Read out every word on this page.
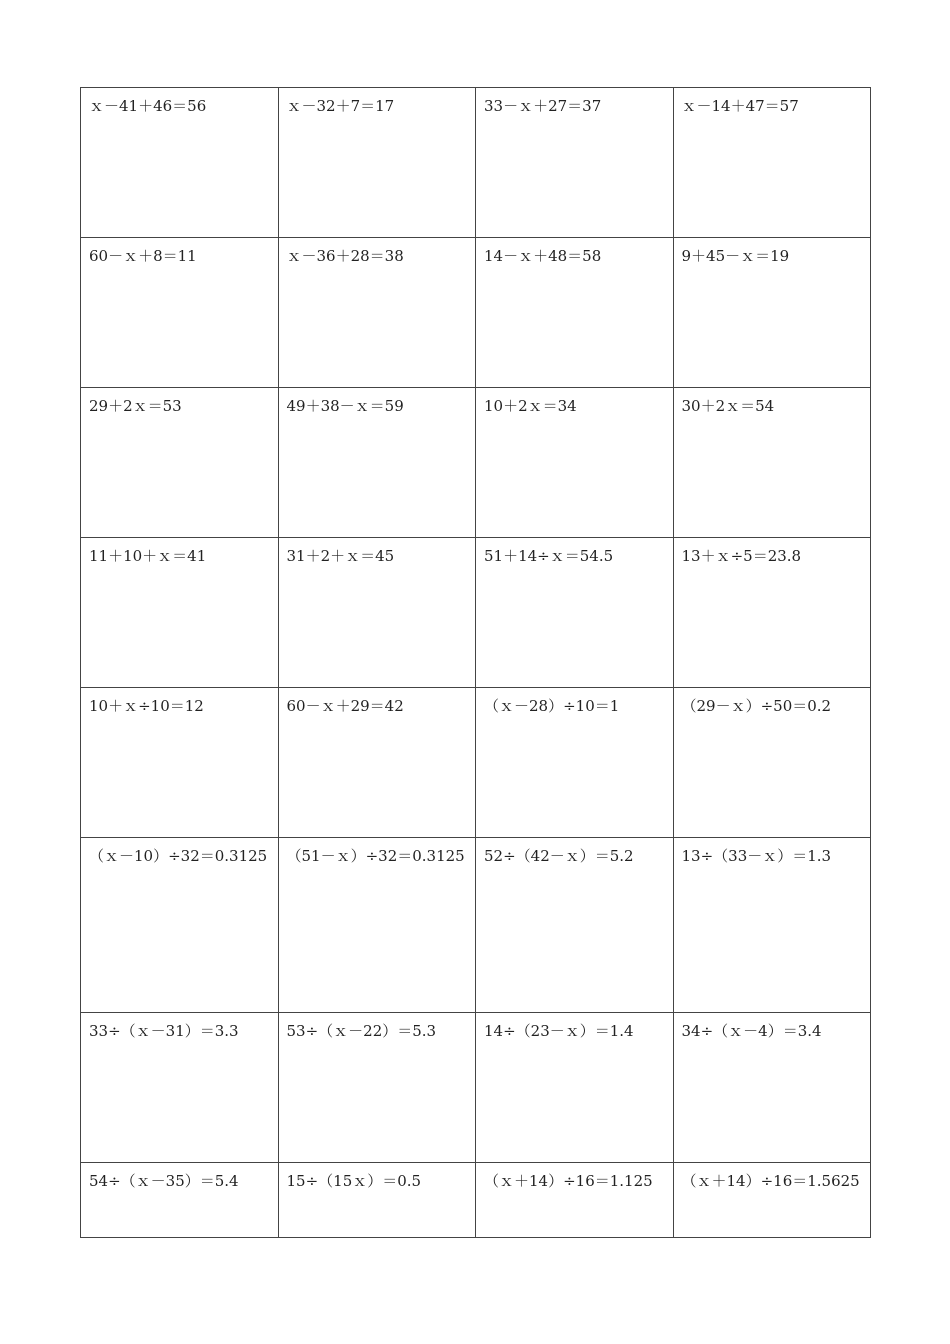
ｘ－41＋46＝56	ｘ－32＋7＝17	33－ｘ＋27＝37	ｘ－14＋47＝57
60－ｘ＋8＝11	ｘ－36＋28＝38	14－ｘ＋48＝58	9＋45－ｘ＝19
29＋2ｘ＝53	49＋38－ｘ＝59	10＋2ｘ＝34	30＋2ｘ＝54
11＋10＋ｘ＝41	31＋2＋ｘ＝45	51＋14÷ｘ＝54.5	13＋ｘ÷5＝23.8
10＋ｘ÷10＝12	60－ｘ＋29＝42	（ｘ－28）÷10＝1	（29－ｘ）÷50＝0.2
（ｘ－10）÷32＝0.3125	（51－ｘ）÷32＝0.3125	52÷（42－ｘ）＝5.2	13÷（33－ｘ）＝1.3
33÷（ｘ－31）＝3.3	53÷（ｘ－22）＝5.3	14÷（23－ｘ）＝1.4	34÷（ｘ－4）＝3.4
54÷（ｘ－35）＝5.4	15÷（15ｘ）＝0.5	（ｘ＋14）÷16＝1.125	（ｘ＋14）÷16＝1.5625
